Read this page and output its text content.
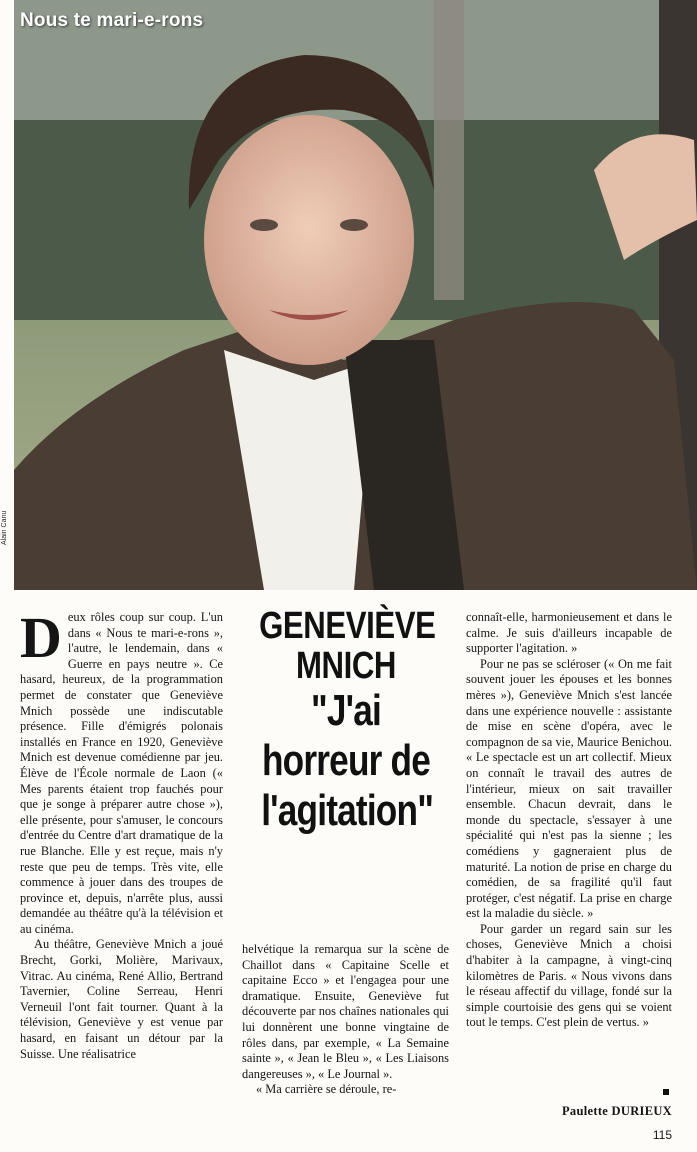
Nous te mari-e-rons
Alain Canu
D eux rôles coup sur coup. L'un dans « Nous te mari-e-rons », l'autre, le lendemain, dans « Guerre en pays neutre ». Ce hasard, heureux, de la programmation permet de constater que Geneviève Mnich possède une indiscutable présence. Fille d'émigrés polonais installés en France en 1920, Geneviève Mnich est devenue comédienne par jeu. Élève de l'École normale de Laon (« Mes parents étaient trop fauchés pour que je songe à préparer autre chose »), elle présente, pour s'amuser, le concours d'entrée du Centre d'art dramatique de la rue Blanche. Elle y est reçue, mais n'y reste que peu de temps. Très vite, elle commence à jouer dans des troupes de province et, depuis, n'arrête plus, aussi demandée au théâtre qu'à la télévision et au cinéma.

Au théâtre, Geneviève Mnich a joué Brecht, Gorki, Molière, Marivaux, Vitrac. Au cinéma, René Allio, Bertrand Tavernier, Coline Serreau, Henri Verneuil l'ont fait tourner. Quant à la télévision, Geneviève y est venue par hasard, en faisant un détour par la Suisse. Une réalisatrice

GENEVIÈVE
MNICH
"J'ai
horreur de
l'agitation"

helvétique la remarqua sur la scène de Chaillot dans « Capitaine Scelle et capitaine Ecco » et l'engagea pour une dramatique. Ensuite, Geneviève fut découverte par nos chaînes nationales qui lui donnèrent une bonne vingtaine de rôles dans, par exemple, « La Semaine sainte », « Jean le Bleu », « Les Liaisons dangereuses », « Le Journal ».

« Ma carrière se déroule, re-

connaît-elle, harmonieusement et dans le calme. Je suis d'ailleurs incapable de supporter l'agitation. »

Pour ne pas se scléroser (« On me fait souvent jouer les épouses et les bonnes mères »), Geneviève Mnich s'est lancée dans une expérience nouvelle : assistante de mise en scène d'opéra, avec le compagnon de sa vie, Maurice Benichou. « Le spectacle est un art collectif. Mieux on connaît le travail des autres de l'intérieur, mieux on sait travailler ensemble. Chacun devrait, dans le monde du spectacle, s'essayer à une spécialité qui n'est pas la sienne ; les comédiens y gagneraient plus de maturité. La notion de prise en charge du comédien, de sa fragilité qu'il faut protéger, c'est négatif. La prise en charge est la maladie du siècle. »

Pour garder un regard sain sur les choses, Geneviève Mnich a choisi d'habiter à la campagne, à vingt-cinq kilomètres de Paris. « Nous vivons dans le réseau affectif du village, fondé sur la simple courtoisie des gens qui se voient tout le temps. C'est plein de vertus. »

Paulette DURIEUX
115
